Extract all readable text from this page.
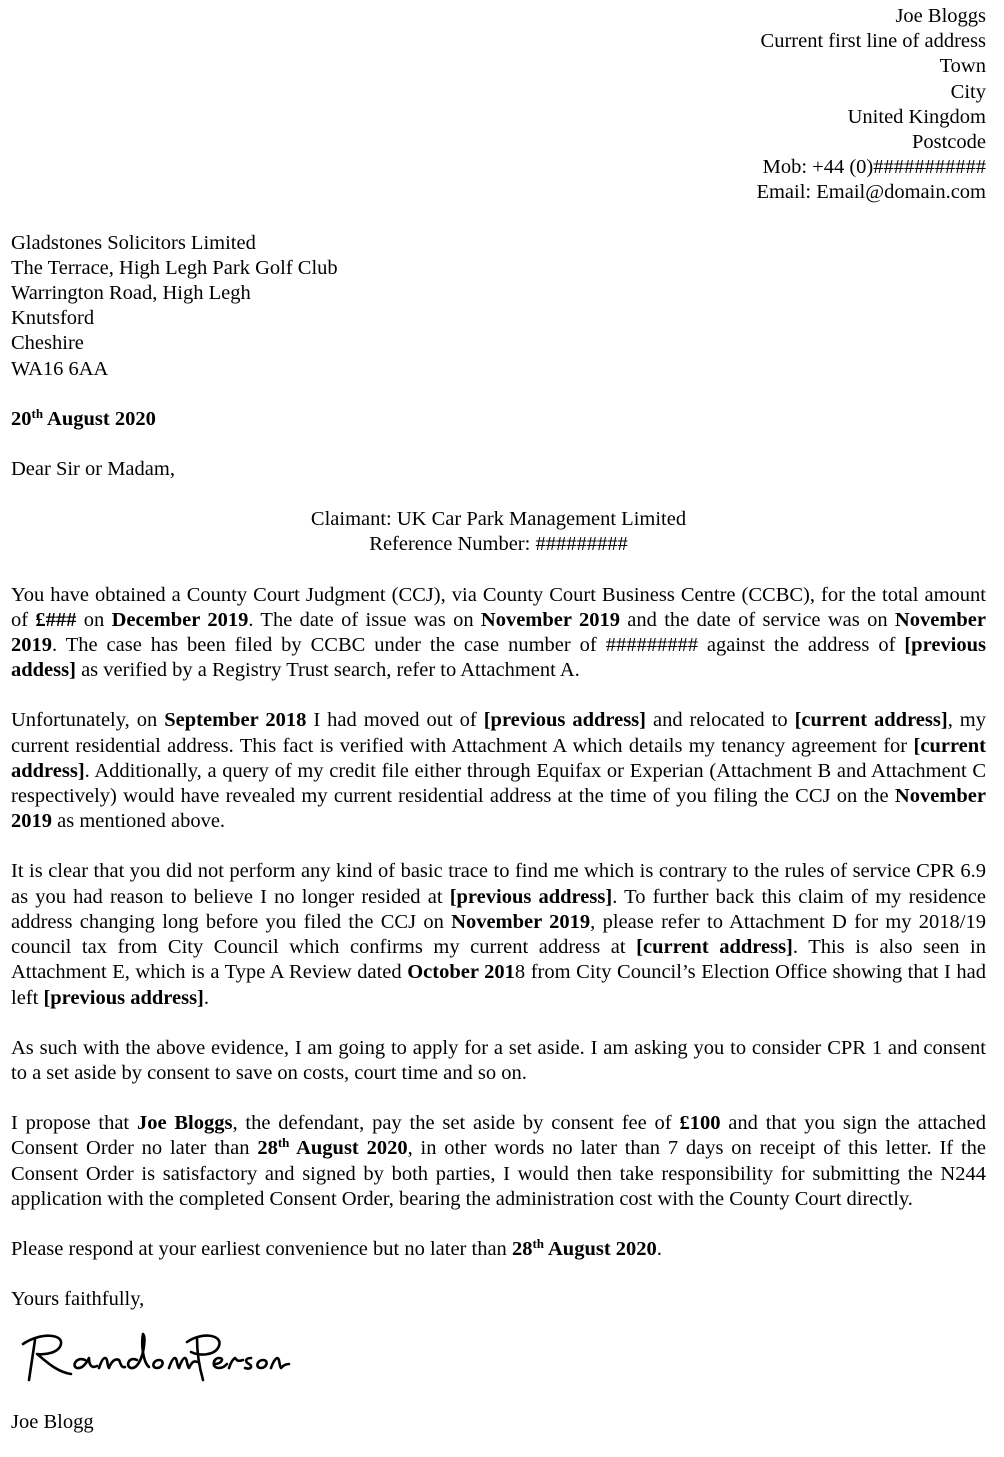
Joe Bloggs
Current first line of address
Town
City
United Kingdom
Postcode
Mob: +44 (0)###########
Email: Email@domain.com
Gladstones Solicitors Limited
The Terrace, High Legh Park Golf Club
Warrington Road, High Legh
Knutsford
Cheshire
WA16 6AA
20th August 2020
Dear Sir or Madam,
Claimant: UK Car Park Management Limited
Reference Number: #########
You have obtained a County Court Judgment (CCJ), via County Court Business Centre (CCBC), for the total amount of £### on December 2019. The date of issue was on November 2019 and the date of service was on November 2019. The case has been filed by CCBC under the case number of ######### against the address of [previous addess] as verified by a Registry Trust search, refer to Attachment A.
Unfortunately, on September 2018 I had moved out of [previous address] and relocated to [current address], my current residential address. This fact is verified with Attachment A which details my tenancy agreement for [current address]. Additionally, a query of my credit file either through Equifax or Experian (Attachment B and Attachment C respectively) would have revealed my current residential address at the time of you filing the CCJ on the November 2019 as mentioned above.
It is clear that you did not perform any kind of basic trace to find me which is contrary to the rules of service CPR 6.9 as you had reason to believe I no longer resided at [previous address]. To further back this claim of my residence address changing long before you filed the CCJ on November 2019, please refer to Attachment D for my 2018/19 council tax from City Council which confirms my current address at [current address]. This is also seen in Attachment E, which is a Type A Review dated October 2018 from City Council’s Election Office showing that I had left [previous address].
As such with the above evidence, I am going to apply for a set aside. I am asking you to consider CPR 1 and consent to a set aside by consent to save on costs, court time and so on.
I propose that Joe Bloggs, the defendant, pay the set aside by consent fee of £100 and that you sign the attached Consent Order no later than 28th August 2020, in other words no later than 7 days on receipt of this letter. If the Consent Order is satisfactory and signed by both parties, I would then take responsibility for submitting the N244 application with the completed Consent Order, bearing the administration cost with the County Court directly.
Please respond at your earliest convenience but no later than 28th August 2020.
Yours faithfully,
Joe Blogg
